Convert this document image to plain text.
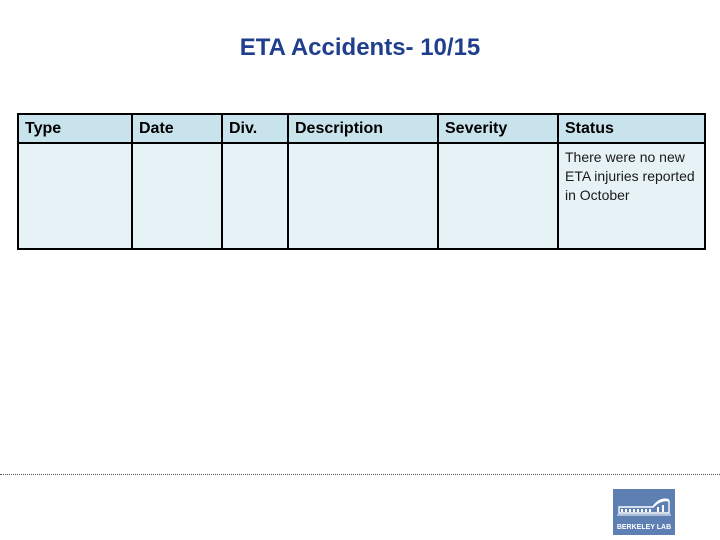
ETA Accidents- 10/15
Type	Date	Div.	Description	Severity	Status
					There were no new ETA injuries reported in October
BERKELEY LAB
